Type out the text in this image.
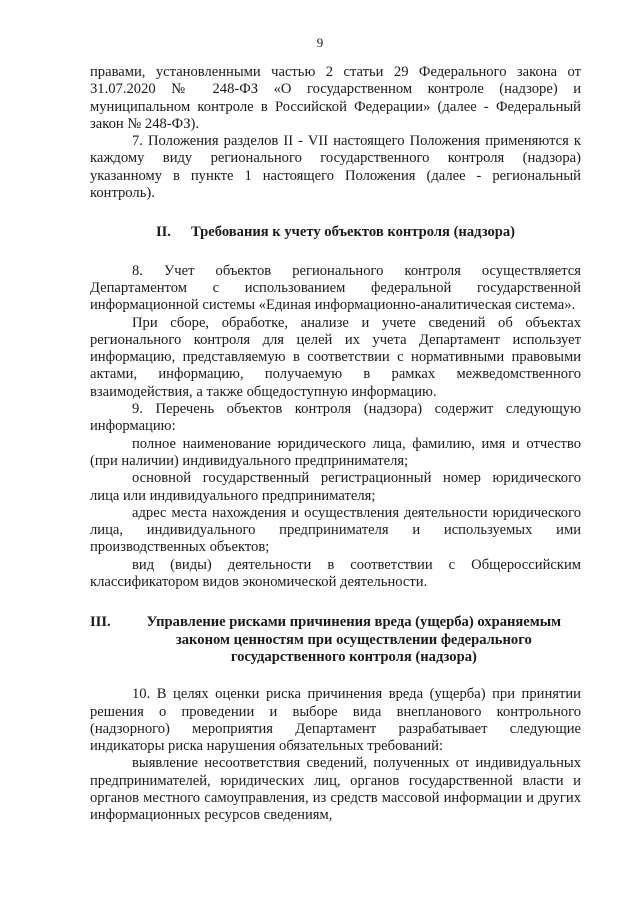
9

правами, установленными частью 2 статьи 29 Федерального закона от 31.07.2020 № 248-ФЗ «О государственном контроле (надзоре) и муниципальном контроле в Российской Федерации» (далее - Федеральный закон № 248-ФЗ).

7. Положения разделов II - VII настоящего Положения применяются к каждому виду регионального государственного контроля (надзора) указанному в пункте 1 настоящего Положения (далее - региональный контроль).

II. Требования к учету объектов контроля (надзора)

8. Учет объектов регионального контроля осуществляется Департаментом с использованием федеральной государственной информационной системы «Единая информационно-аналитическая система».

При сборе, обработке, анализе и учете сведений об объектах регионального контроля для целей их учета Департамент использует информацию, представляемую в соответствии с нормативными правовыми актами, информацию, получаемую в рамках межведомственного взаимодействия, а также общедоступную информацию.

9. Перечень объектов контроля (надзора) содержит следующую информацию:

полное наименование юридического лица, фамилию, имя и отчество (при наличии) индивидуального предпринимателя;

основной государственный регистрационный номер юридического лица или индивидуального предпринимателя;

адрес места нахождения и осуществления деятельности юридического лица, индивидуального предпринимателя и используемых ими производственных объектов;

вид (виды) деятельности в соответствии с Общероссийским классификатором видов экономической деятельности.

III.	Управление рисками причинения вреда (ущерба) охраняемым законом ценностям при осуществлении федерального государственного контроля (надзора)

10. В целях оценки риска причинения вреда (ущерба) при принятии решения о проведении и выборе вида внепланового контрольного (надзорного) мероприятия Департамент разрабатывает следующие индикаторы риска нарушения обязательных требований:

выявление несоответствия сведений, полученных от индивидуальных предпринимателей, юридических лиц, органов государственной власти и органов местного самоуправления, из средств массовой информации и других информационных ресурсов сведениям,
